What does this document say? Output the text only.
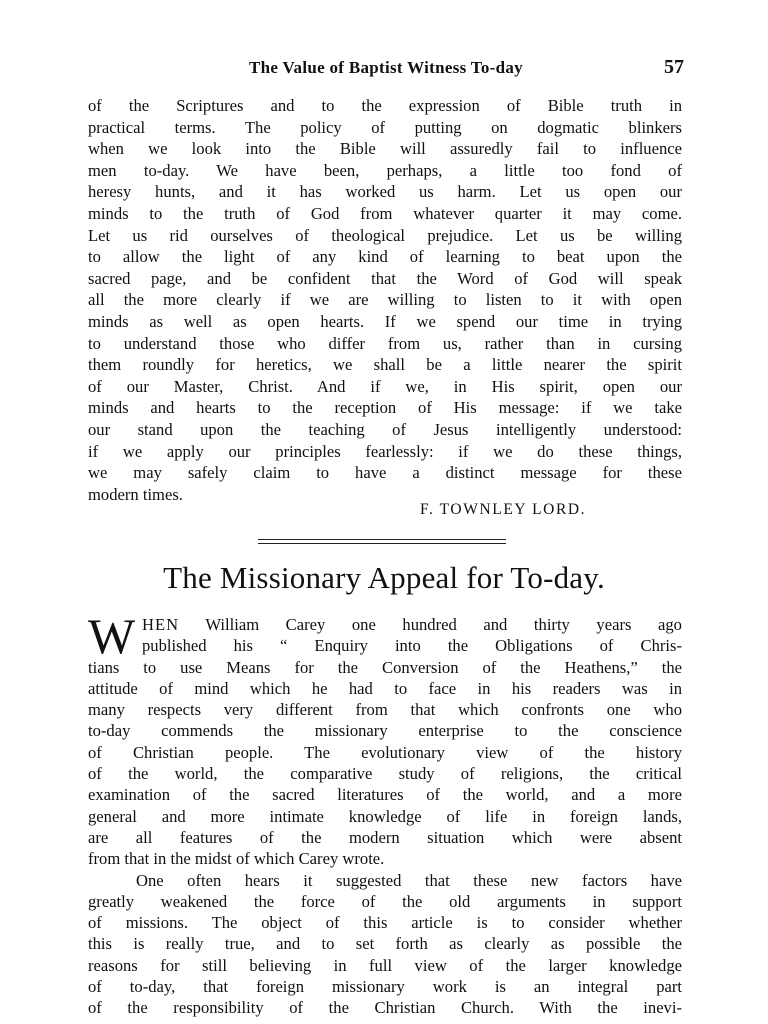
The Value of Baptist Witness To-day	57
of the Scriptures and to the expression of Bible truth in
practical terms. The policy of putting on dogmatic blinkers
when we look into the Bible will assuredly fail to influence
men to-day. We have been, perhaps, a little too fond of
heresy hunts, and it has worked us harm. Let us open our
minds to the truth of God from whatever quarter it may come.
Let us rid ourselves of theological prejudice. Let us be willing
to allow the light of any kind of learning to beat upon the
sacred page, and be confident that the Word of God will speak
all the more clearly if we are willing to listen to it with open
minds as well as open hearts. If we spend our time in trying
to understand those who differ from us, rather than in cursing
them roundly for heretics, we shall be a little nearer the spirit
of our Master, Christ. And if we, in His spirit, open our
minds and hearts to the reception of His message: if we take
our stand upon the teaching of Jesus intelligently understood:
if we apply our principles fearlessly: if we do these things,
we may safely claim to have a distinct message for these
modern times.
F. TOWNLEY LORD.
The Missionary Appeal for To-day.
W HEN William Carey one hundred and thirty years ago
published his “ Enquiry into the Obligations of Chris-
tians to use Means for the Conversion of the Heathens,” the
attitude of mind which he had to face in his readers was in
many respects very different from that which confronts one who
to-day commends the missionary enterprise to the conscience
of Christian people. The evolutionary view of the history
of the world, the comparative study of religions, the critical
examination of the sacred literatures of the world, and a more
general and more intimate knowledge of life in foreign lands,
are all features of the modern situation which were absent
from that in the midst of which Carey wrote.
One often hears it suggested that these new factors have
greatly weakened the force of the old arguments in support
of missions. The object of this article is to consider whether
this is really true, and to set forth as clearly as possible the
reasons for still believing in full view of the larger knowledge
of to-day, that foreign missionary work is an integral part
of the responsibility of the Christian Church. With the inevi-
